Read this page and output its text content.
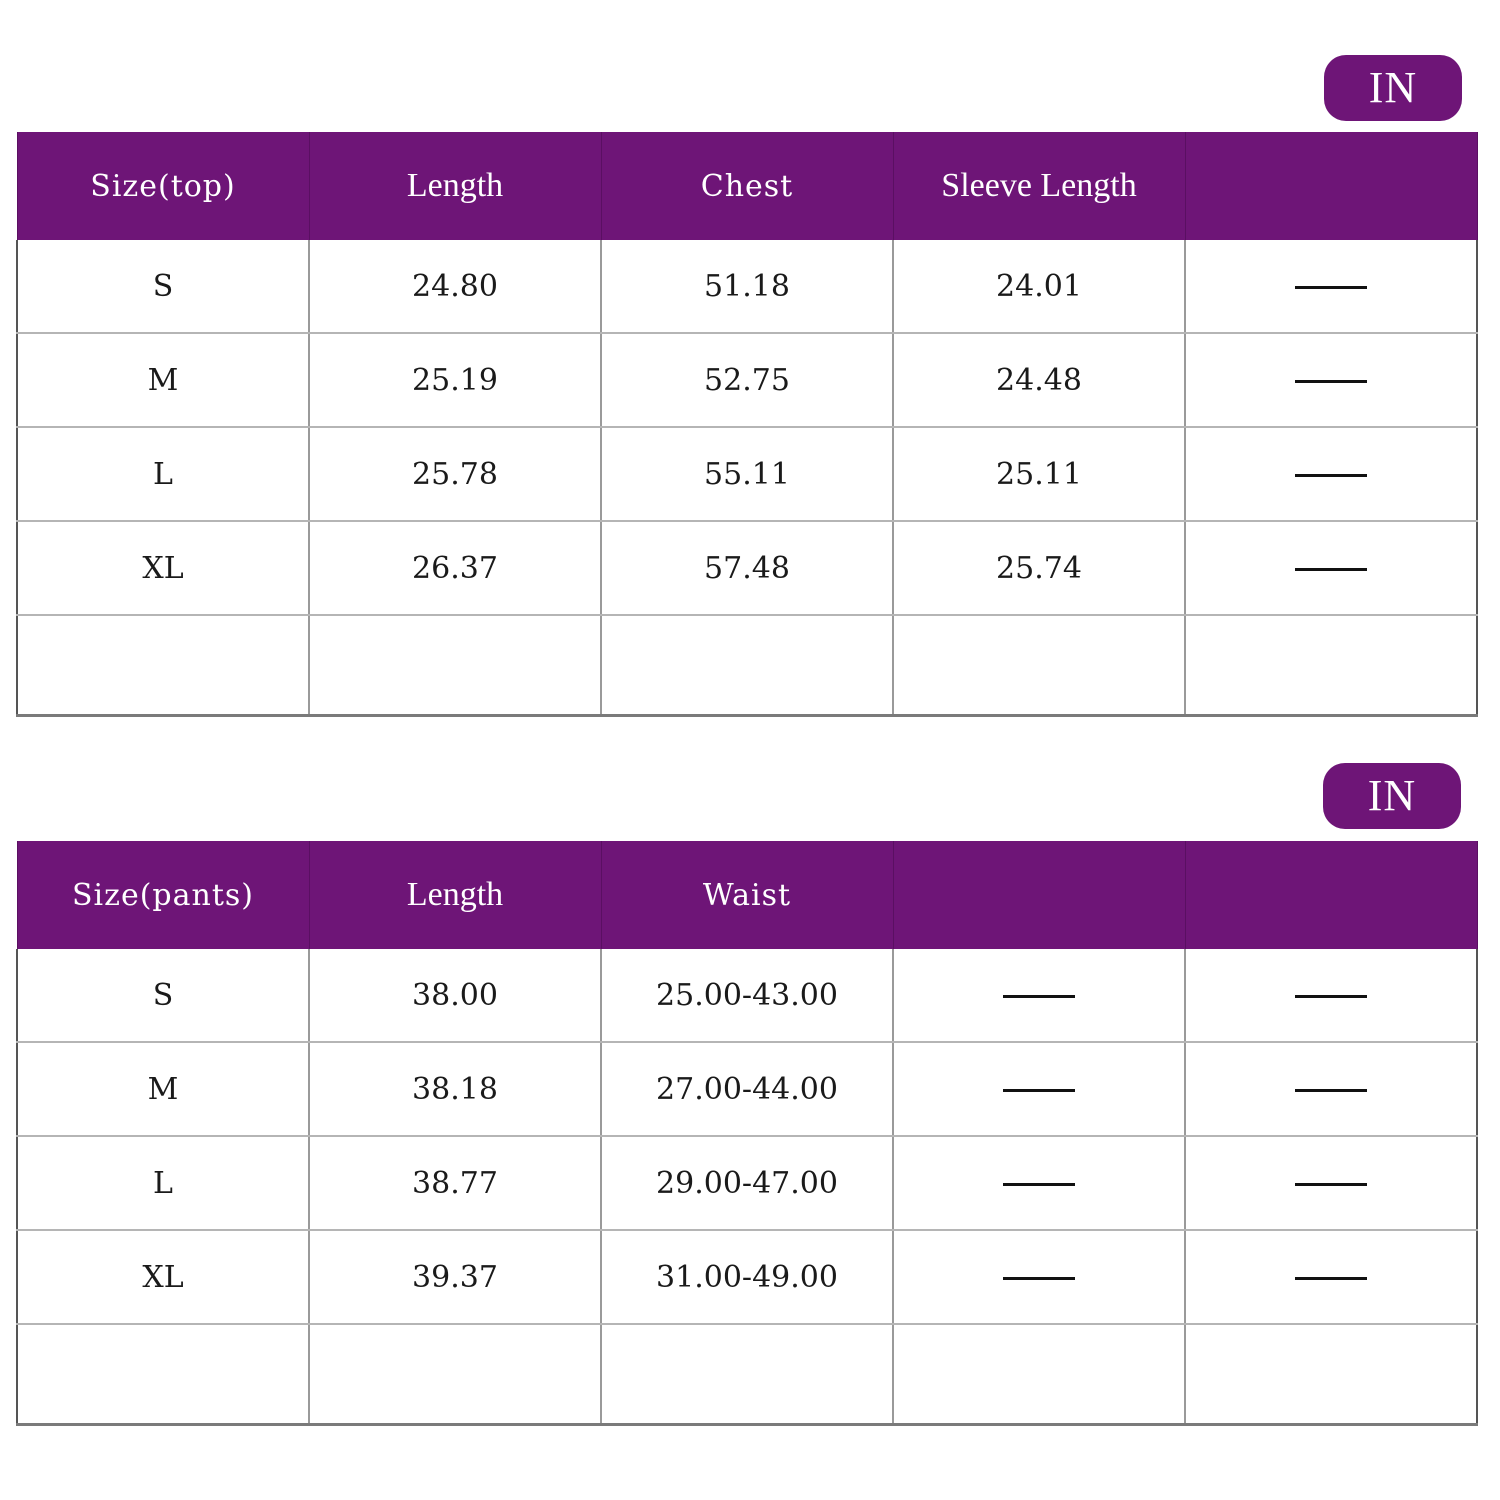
IN
Size(top)	Length	Chest	Sleeve Length	
S	24.80	51.18	24.01	
M	25.19	52.75	24.48	
L	25.78	55.11	25.11	
XL	26.37	57.48	25.74	

IN
Size(pants)	Length	Waist		
S	38.00	25.00-43.00		
M	38.18	27.00-44.00		
L	38.77	29.00-47.00		
XL	39.37	31.00-49.00		
